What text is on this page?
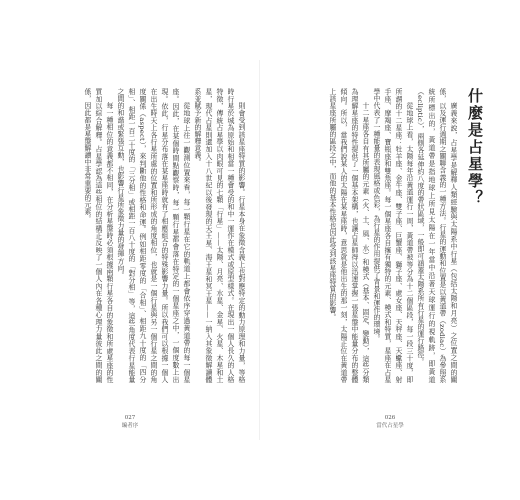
則會受到該星座特質的影響。行星本身在象徵含義上也對應特定的動力原理和力量，等格時行星於城為原始和相當一種會受的和中一運作在模式或原型樣式。在現出一個人長久的人格特徵，傳統占星學以肉眼可見的七顆「行星」——太陽、月亮、水星、金星、火星、木星和土星，現代占星則還加入十八世紀以後發現的天王星、海王星和冥王星——一納入其象徵解讀體系並賦予新的解釋意義。

從地球上往一觀測位置來看，每一顆行星在它的軌道上都會依序穿過黃道帶的每一個星座。因此，在某個時間點觀察時，每一顆行星都會落在特定的一個星座之中，一個度數上出現。依此，行星分布落在某星座時就有了相應組合的特殊影響力量。所以我們可以根據一個人在出生時天上各行星所處的位置和所形成的角度相位，也就是一個行星與另一個行星之間的角度關係（aspect），來判斷他的性格和命運。例如相距零度的「合相」、相距九十度的「四分相」、相距一百二十度的「三分相」或相距一百八十度的「對分相」等，這些角度代表行星能量之間的和諧或緊張互動，也影響行星所象徵力量的發揮方向。

每一種相位的意義都不相同，在分析星盤時必須根據兩顆行星各自的象徵和所處星座的性質加以綜合解釋。占星學認為這些相位的結構正反映了一個人內在各種心理力量彼此之間的關係，因此都是星盤解讀中非常重要的元素。

027
編者序
什麼是占星學？

廣義來說，占星學是解釋人類經驗與太陽系中行星（包括太陽和月亮）之位置之間的關係，以及運行週期之關聯含義的一種方法。行星的運動和位置是以黃道帶（zodiac）為參照系統所標出的，黃道帶是指地球上所見太陽在一年當中沿著天球運行的視軌跡，即黃道（ecliptic），兩側各延伸約八度的帶狀區域，一般即可涵蓋太陽系所有行星的運行路徑。

從地球上看，太陽每年沿黃道運行一周，黃道帶被等分為十二個區段，每一段三十度，即所謂的十二星座：牡羊座、金牛座、雙子座、巨蟹座、獅子座、處女座、天秤座、天蠍座、射手座、摩羯座、寶瓶座和雙魚座。每一個星座各自擁有獨特的元素、模式和特質，星座在占星學中代表了一種能量的表現風格或色彩，為行星的作用提供了背景和運作的環境。

十二星座各自有其所屬的元素（火、土、風、水）和模式（基本、固定、變動），這些分類為理解星座的特性提供了一個基本架構，也讓占星師得以迅速掌握一張星盤中能量分布的整體傾向。所以，當我們說某人的太陽在某星座時，意思就是他出生的那一刻，太陽正位在黃道帶上該星座所屬的區段之中，而他的基本性格也因此受到該星座特質的影響。

026
當代占星學
